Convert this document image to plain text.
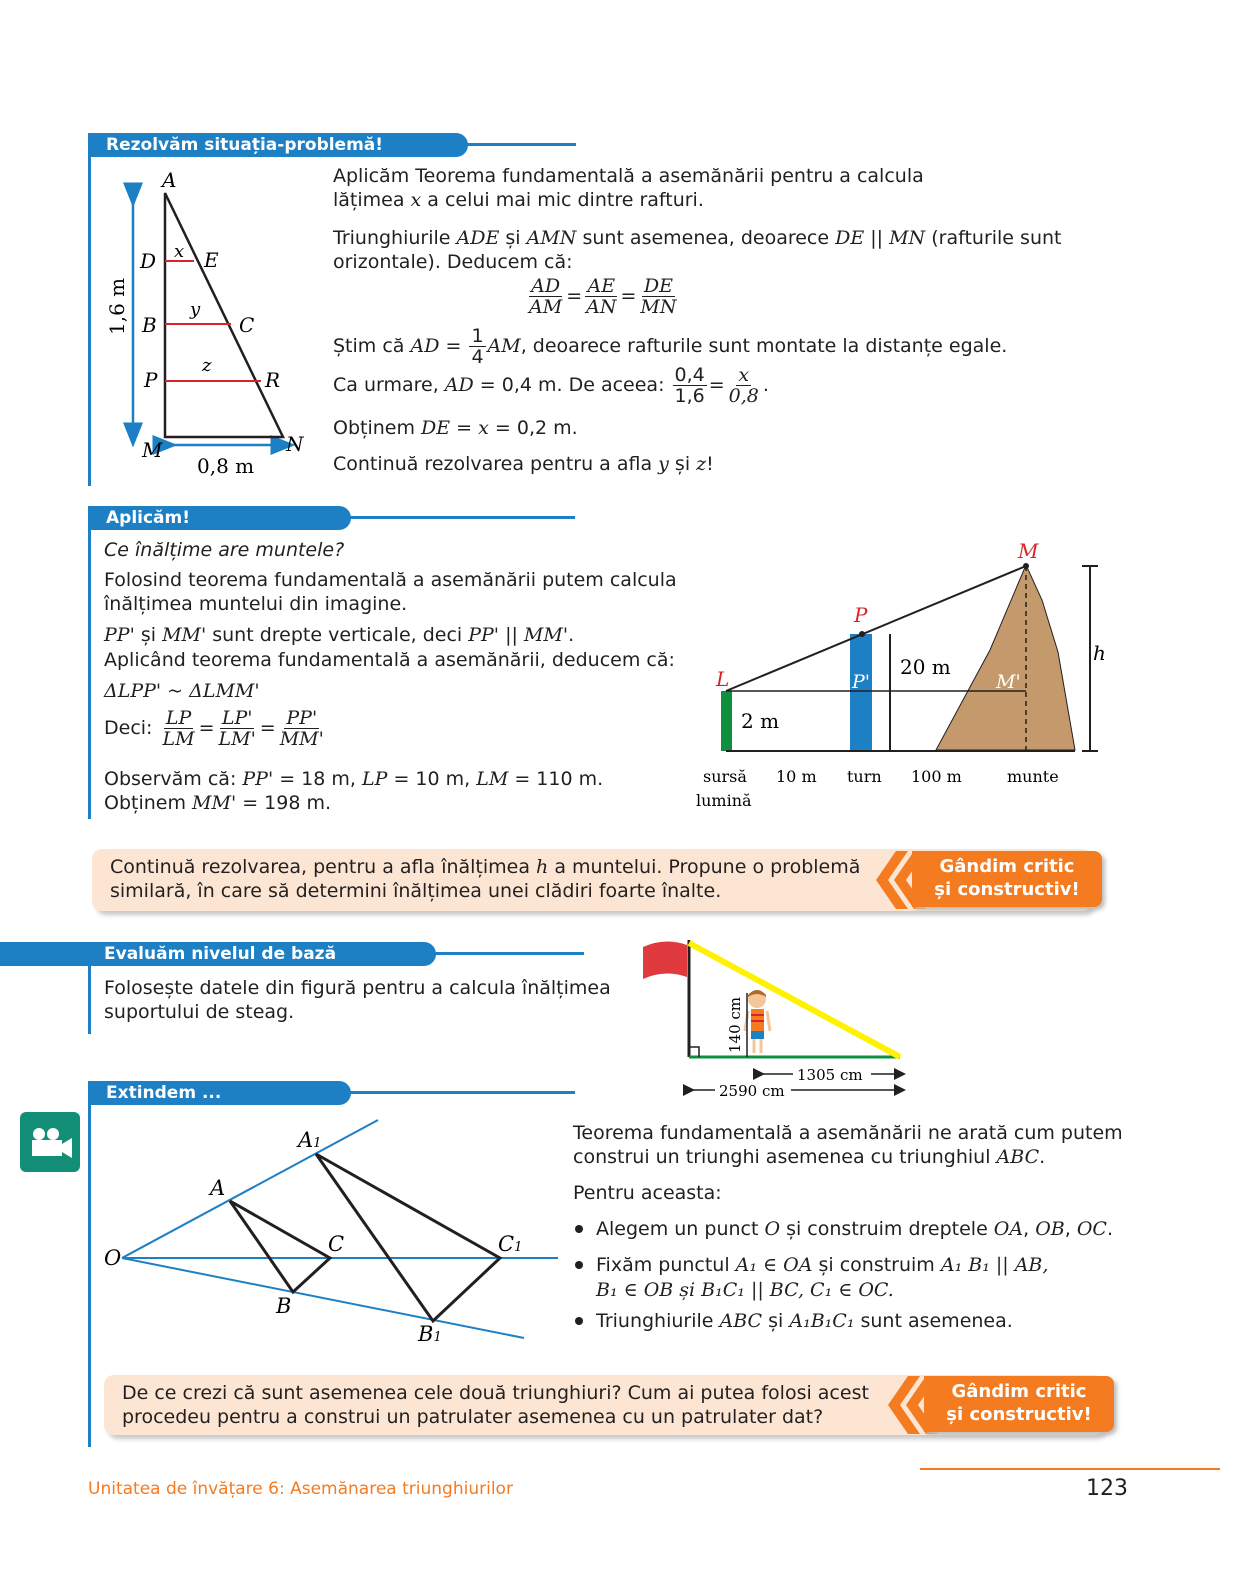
Rezolvăm situația-problemă!
A
D E
x
B	C
y
P	R
z
M	N
0,8 m
1,6 m
Aplicăm Teorema fundamentală a asemănării pentru a calcula
lățimea x a celui mai mic dintre rafturi.
Triunghiurile ADE și AMN sunt asemenea, deoarece DE || MN (rafturile sunt
orizontale). Deducem că:
$\frac{AD}{AM} = \frac{AE}{AN} = \frac{DE}{MN}$
Știm că AD = $\frac{1}{4}$ AM, deoarece rafturile sunt montate la distanțe egale.
Ca urmare, AD = 0,4 m. De aceea: $\frac{0,4}{1,6} = \frac{x}{0,8}$ .
Obținem DE = x = 0,2 m.
Continuă rezolvarea pentru a afla y și z!
Aplicăm!
Ce înălțime are muntele?
Folosind teorema fundamentală a asemănării putem calcula
înălțimea muntelui din imagine.
PP' și MM' sunt drepte verticale, deci PP' || MM'.
Aplicând teorema fundamentală a asemănării, deducem că:
ΔLPP' ~ ΔLMM'
Deci: $\frac{LP}{LM} = \frac{LP'}{LM'} = \frac{PP'}{MM'}$
Observăm că: PP' = 18 m, LP = 10 m, LM = 110 m.
Obținem MM' = 198 m.
M
P
L	P'	M'
h
20 m
2 m
sursă
lumină
10 m turn 100 m	munte
Continuă rezolvarea, pentru a afla înălțimea h a muntelui. Propune o problemă
similară, în care să determini înălțimea unei clădiri foarte înalte.
Gândim critic
și constructiv!
Evaluăm nivelul de bază
Folosește datele din figură pentru a calcula înălțimea
suportului de steag.	140 cm
1305 cm
2590 cm
Extindem ...
O
A
C
B
A1
C1
B1
Teorema fundamentală a asemănării ne arată cum putem
construi un triunghi asemenea cu triunghiul ABC.
Pentru aceasta:
Alegem un punct O și construim dreptele OA, OB, OC.
Fixăm punctul A₁ ∈ OA și construim A₁ B₁ || AB,
B₁ ∈ OB și B₁C₁ || BC, C₁ ∈ OC.
Triunghiurile ABC și A₁B₁C₁ sunt asemenea.
De ce crezi că sunt asemenea cele două triunghiuri? Cum ai putea folosi acest
procedeu pentru a construi un patrulater asemenea cu un patrulater dat?
Gândim critic
și constructiv!
Unitatea de învățare 6: Asemănarea triunghiurilor	123
